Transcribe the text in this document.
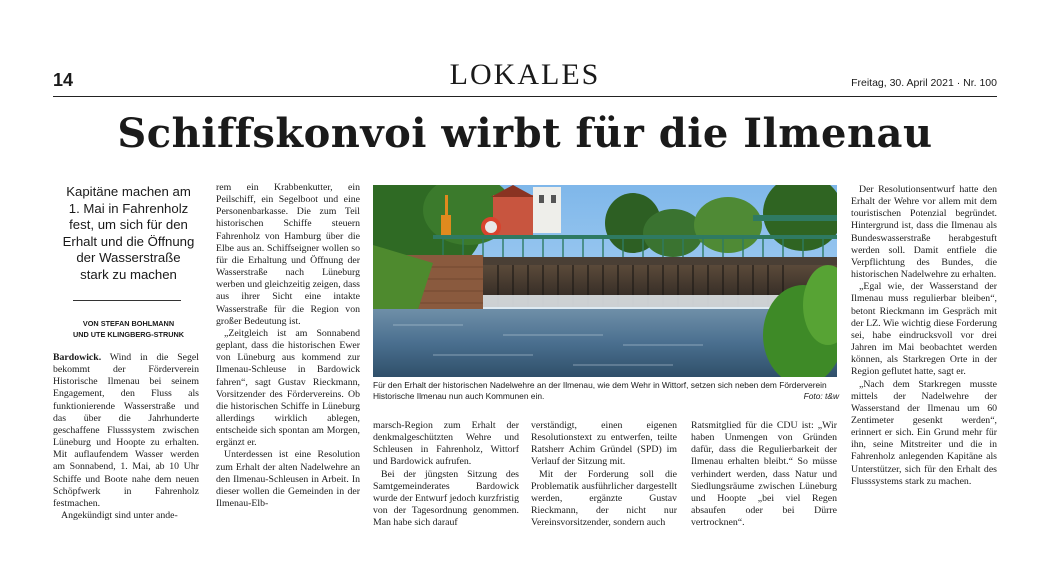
14	LOKALES	Freitag, 30. April 2021 · Nr. 100
Schiffskonvoi wirbt für die Ilmenau
Kapitäne machen am
1. Mai in Fahrenholz
fest, um sich für den
Erhalt und die Öffnung
der Wasserstraße
stark zu machen
VON STEFAN BOHLMANN
UND UTE KLINGBERG-STRUNK

Bardowick. Wind in die Segel bekommt der Förderverein Historische Ilmenau bei seinem Engagement, den Fluss als funktionierende Wasserstraße und das über die Jahrhunderte geschaffene Flusssystem zwischen Lüneburg und Hoopte zu erhalten. Mit auflaufendem Wasser werden am Sonnabend, 1. Mai, ab 10 Uhr Schiffe und Boote nahe dem neuen Schöpfwerk in Fahrenholz festmachen.

Angekündigt sind unter ande-

rem ein Krabbenkutter, ein Peilschiff, ein Segelboot und eine Personenbarkasse. Die zum Teil historischen Schiffe steuern Fahrenholz von Hamburg über die Elbe aus an. Schiffseigner wollen so für die Erhaltung und Öffnung der Wasserstraße nach Lüneburg werben und gleichzeitig zeigen, dass aus ihrer Sicht eine intakte Wasserstraße für die Region von großer Bedeutung ist.

„Zeitgleich ist am Sonnabend geplant, dass die historischen Ewer von Lüneburg aus kommend zur Ilmenau-Schleuse in Bardowick fahren“, sagt Gustav Rieckmann, Vorsitzender des Fördervereins. Ob die historischen Schiffe in Lüneburg allerdings wirklich ablegen, entscheide sich spontan am Morgen, ergänzt er.

Unterdessen ist eine Resolution zum Erhalt der alten Nadelwehre an den Ilmenau-Schleusen in Arbeit. In dieser wollen die Gemeinden in der Ilmenau-Elb-

Für den Erhalt der historischen Nadelwehre an der Ilmenau, wie dem Wehr in Wittorf, setzen sich neben dem Förderverein Historische Ilmenau nun auch Kommunen ein.	Foto: t&w

marsch-Region zum Erhalt der denkmalgeschützten Wehre und Schleusen in Fahrenholz, Wittorf und Bardowick aufrufen.

Bei der jüngsten Sitzung des Samtgemeinderates Bardowick wurde der Entwurf jedoch kurzfristig von der Tagesordnung genommen. Man habe sich darauf

verständigt, einen eigenen Resolutionstext zu entwerfen, teilte Ratsherr Achim Gründel (SPD) im Verlauf der Sitzung mit.

Mit der Forderung soll die Problematik ausführlicher dargestellt werden, ergänzte Gustav Rieckmann, der nicht nur Vereinsvorsitzender, sondern auch

Ratsmitglied für die CDU ist: „Wir haben Unmengen von Gründen dafür, dass die Regulierbarkeit der Ilmenau erhalten bleibt.“ So müsse verhindert werden, dass Natur und Siedlungsräume zwischen Lüneburg und Hoopte „bei viel Regen absaufen oder bei Dürre vertrocknen“.

Der Resolutionsentwurf hatte den Erhalt der Wehre vor allem mit dem touristischen Potenzial begründet. Hintergrund ist, dass die Ilmenau als Bundeswasserstraße herabgestuft werden soll. Damit entfiele die Verpflichtung des Bundes, die historischen Nadelwehre zu erhalten.

„Egal wie, der Wasserstand der Ilmenau muss regulierbar bleiben“, betont Rieckmann im Gespräch mit der LZ. Wie wichtig diese Forderung sei, habe eindrucksvoll vor drei Jahren im Mai beobachtet werden können, als Starkregen Orte in der Region geflutet hatte, sagt er.

„Nach dem Starkregen musste mittels der Nadelwehre der Wasserstand der Ilmenau um 60 Zentimeter gesenkt werden“, erinnert er sich. Ein Grund mehr für ihn, seine Mitstreiter und die in Fahrenholz anlegenden Kapitäne als Unterstützer, sich für den Erhalt des Flusssystems stark zu machen.
